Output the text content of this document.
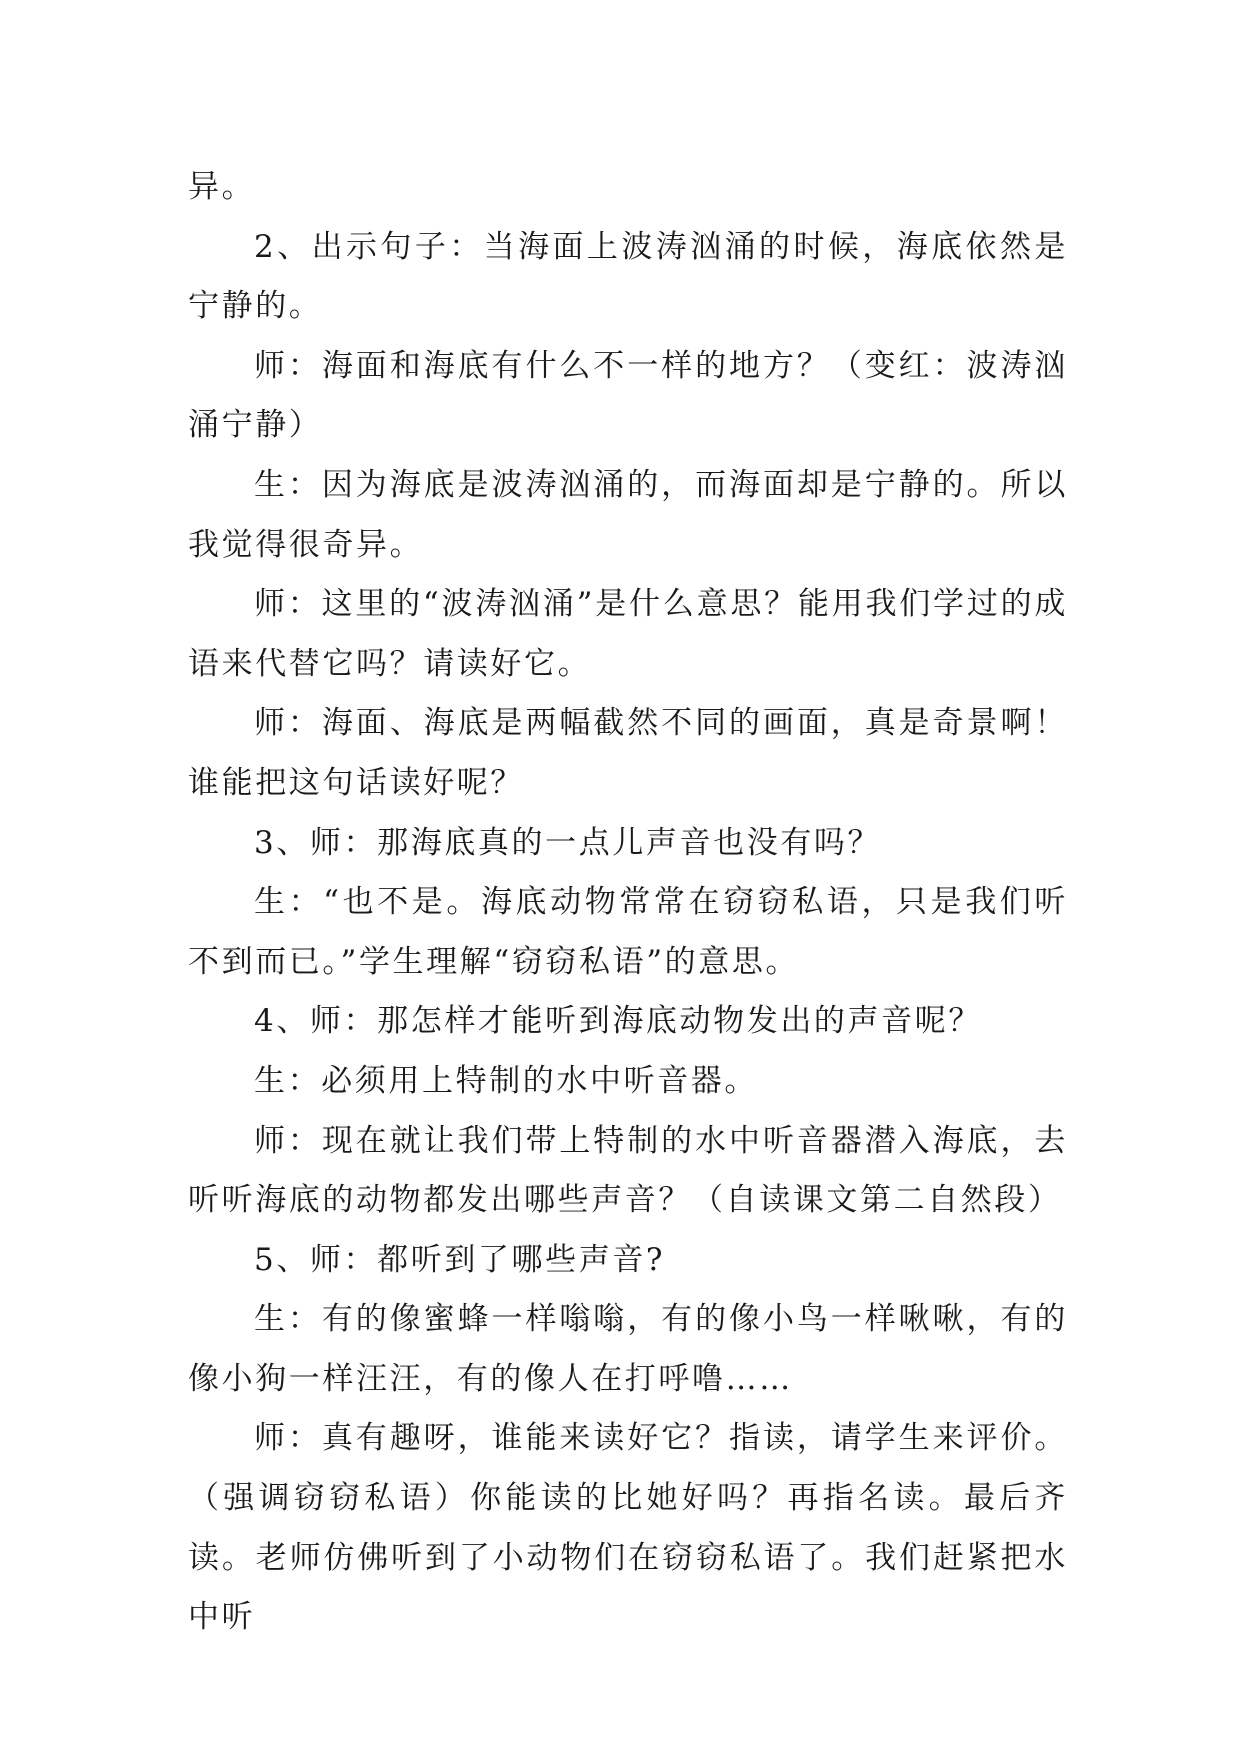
异。

2、出示句子：当海面上波涛汹涌的时候，海底依然是宁静的。

师：海面和海底有什么不一样的地方？（变红：波涛汹涌宁静）

生：因为海底是波涛汹涌的，而海面却是宁静的。所以我觉得很奇异。

师：这里的“波涛汹涌”是什么意思？能用我们学过的成语来代替它吗？请读好它。

师：海面、海底是两幅截然不同的画面，真是奇景啊！谁能把这句话读好呢？

3、师：那海底真的一点儿声音也没有吗？

生：“也不是。海底动物常常在窃窃私语，只是我们听不到而已。”学生理解“窃窃私语”的意思。

4、师：那怎样才能听到海底动物发出的声音呢？

生：必须用上特制的水中听音器。

师：现在就让我们带上特制的水中听音器潜入海底，去听听海底的动物都发出哪些声音？（自读课文第二自然段）

5、师：都听到了哪些声音?

生：有的像蜜蜂一样嗡嗡，有的像小鸟一样啾啾，有的像小狗一样汪汪，有的像人在打呼噜……

师：真有趣呀，谁能来读好它？指读，请学生来评价。（强调窃窃私语）你能读的比她好吗？再指名读。最后齐读。老师仿佛听到了小动物们在窃窃私语了。我们赶紧把水中听
